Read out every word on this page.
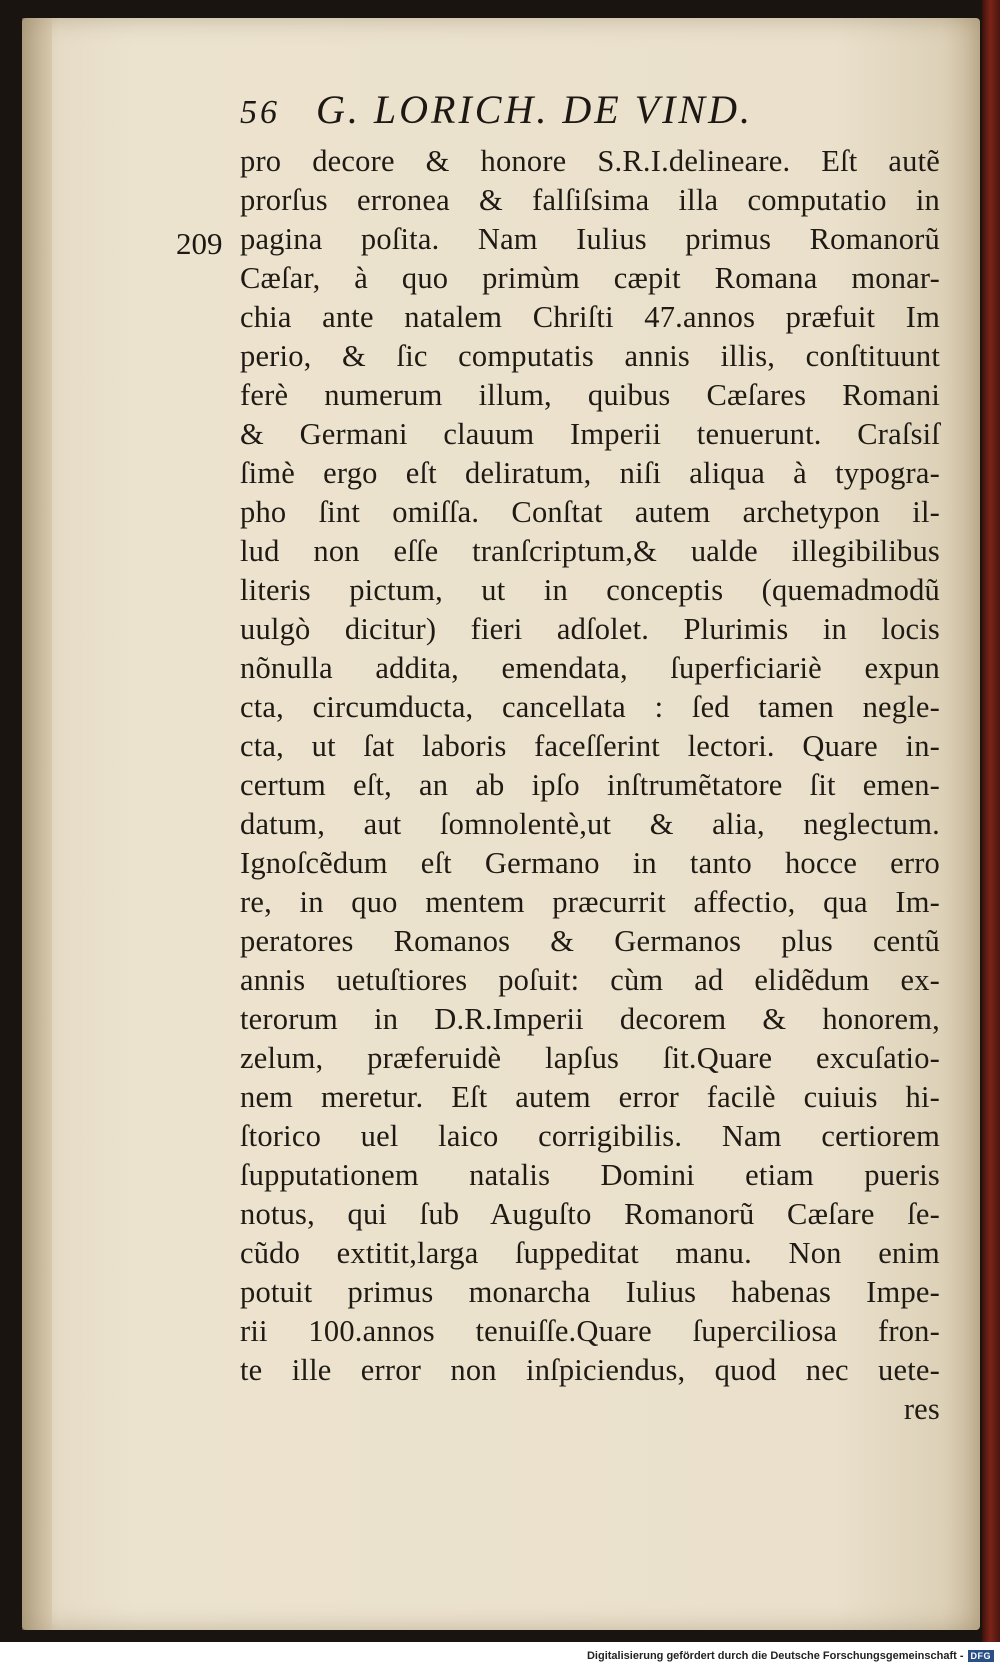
56 G. LORICH. DE VIND.
209
pro decore & honore S.R.I.delineare. Eſt autẽ
prorſus erronea & falſiſsima illa computatio in
pagina poſita. Nam Iulius primus Romanorũ
Cæſar, à quo primùm cæpit Romana monar-
chia ante natalem Chriſti 47.annos præfuit Im
perio, & ſic computatis annis illis, conſtituunt
ferè numerum illum, quibus Cæſares Romani
& Germani clauum Imperii tenuerunt. Craſsiſ
ſimè ergo eſt deliratum, niſi aliqua à typogra-
pho ſint omiſſa. Conſtat autem archetypon il-
lud non eſſe tranſcriptum,& ualde illegibilibus
literis pictum, ut in conceptis (quemadmodũ
uulgò dicitur) fieri adſolet. Plurimis in locis
nõnulla addita, emendata, ſuperficiariè expun
cta, circumducta, cancellata : ſed tamen negle-
cta, ut ſat laboris faceſſerint lectori. Quare in-
certum eſt, an ab ipſo inſtrumẽtatore ſit emen-
datum, aut ſomnolentè,ut & alia, neglectum.
Ignoſcẽdum eſt Germano in tanto hocce erro
re, in quo mentem præcurrit affectio, qua Im-
peratores Romanos & Germanos plus centũ
annis uetuſtiores poſuit: cùm ad elidẽdum ex-
terorum in D.R.Imperii decorem & honorem,
zelum, præferuidè lapſus ſit.Quare excuſatio-
nem meretur. Eſt autem error facilè cuiuis hi-
ſtorico uel laico corrigibilis. Nam certiorem
ſupputationem natalis Domini etiam pueris
notus, qui ſub Auguſto Romanorũ Cæſare ſe-
cũdo extitit,larga ſuppeditat manu. Non enim
potuit primus monarcha Iulius habenas Impe-
rii 100.annos tenuiſſe.Quare ſuperciliosa fron-
te ille error non inſpiciendus, quod nec uete-
res
Digitalisierung gefördert durch die Deutsche Forschungsgemeinschaft - DFG
